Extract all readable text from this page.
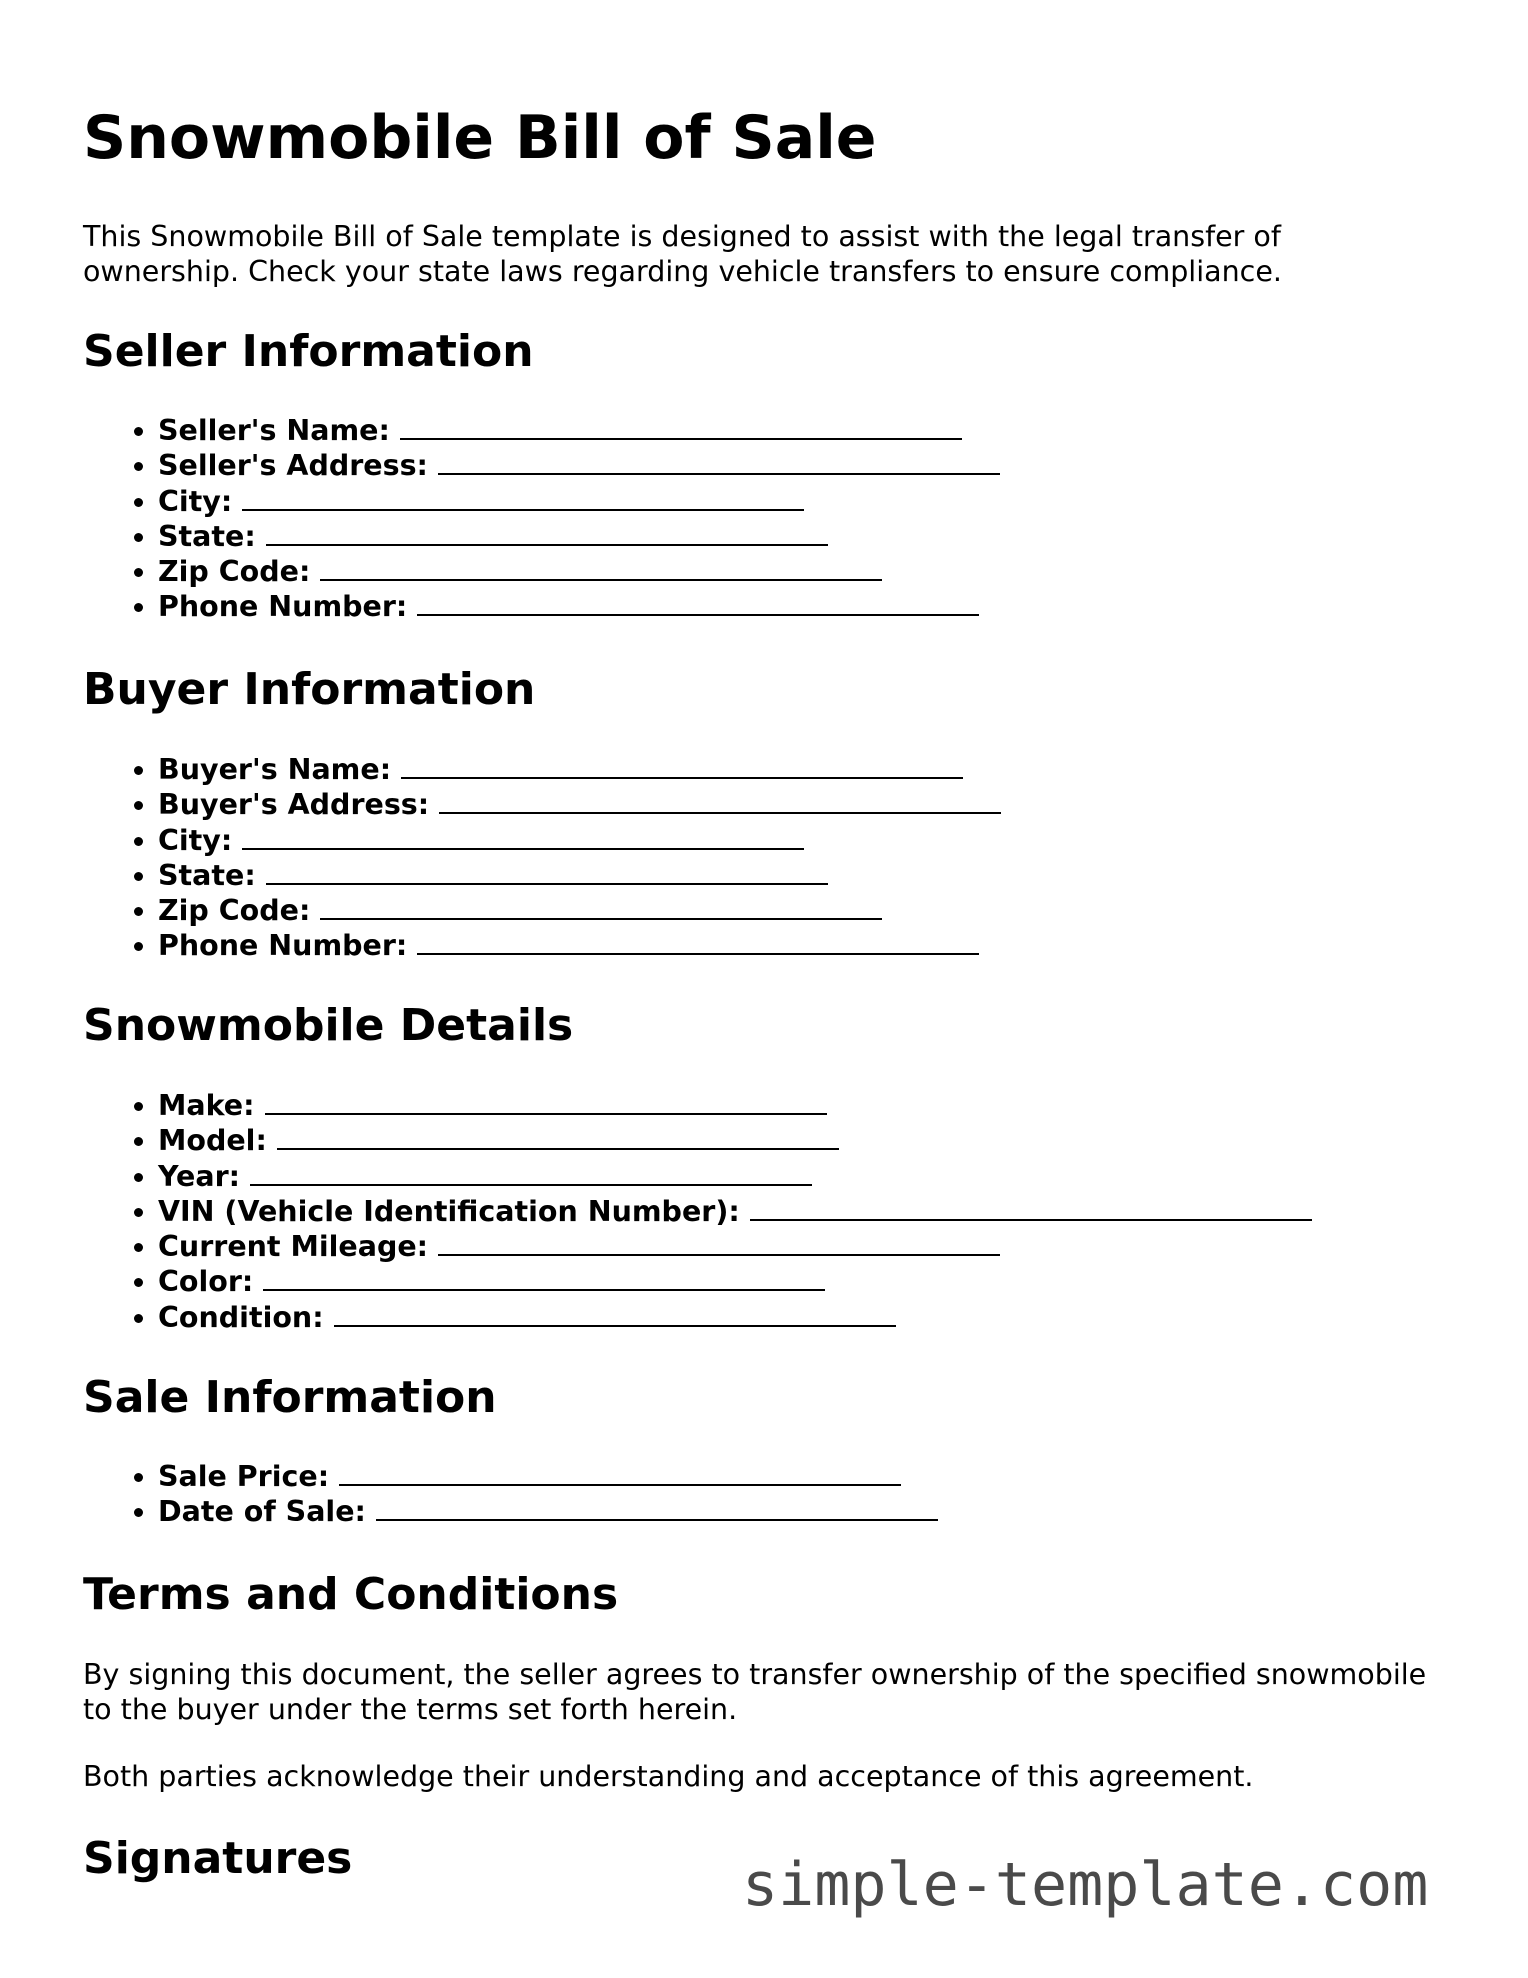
Snowmobile Bill of Sale

This Snowmobile Bill of Sale template is designed to assist with the legal transfer of ownership. Check your state laws regarding vehicle transfers to ensure compliance.

Seller Information
• Seller's Name:
• Seller's Address:
• City:
• State:
• Zip Code:
• Phone Number:
Buyer Information
• Buyer's Name:
• Buyer's Address:
• City:
• State:
• Zip Code:
• Phone Number:
Snowmobile Details
• Make:
• Model:
• Year:
• VIN (Vehicle Identification Number):
• Current Mileage:
• Color:
• Condition:
Sale Information
• Sale Price:
• Date of Sale:
Terms and Conditions

By signing this document, the seller agrees to transfer ownership of the specified snowmobile to the buyer under the terms set forth herein.

Both parties acknowledge their understanding and acceptance of this agreement.

Signatures	simple-template.com
